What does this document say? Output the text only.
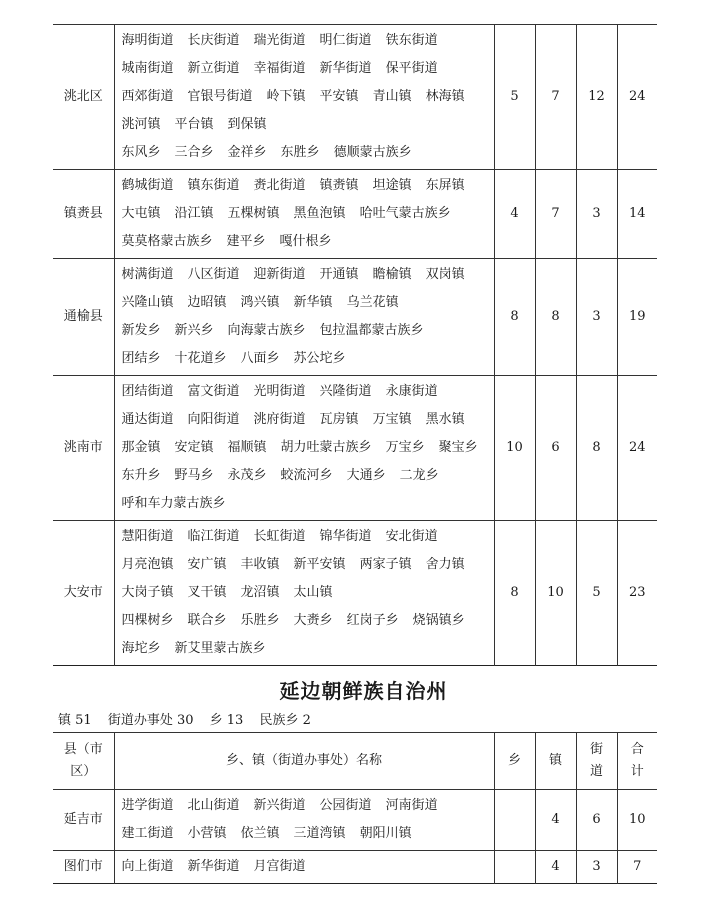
洮北区	海明街道 长庆街道 瑞光街道 明仁街道 铁东街道
城南街道 新立街道 幸福街道 新华街道 保平街道
西郊街道 官银号街道 岭下镇 平安镇 青山镇 林海镇
洮河镇 平台镇 到保镇
东风乡 三合乡 金祥乡 东胜乡 德顺蒙古族乡	5	7	12	24
镇赉县	鹤城街道 镇东街道 赉北街道 镇赉镇 坦途镇 东屏镇
大屯镇 沿江镇 五棵树镇 黑鱼泡镇 哈吐气蒙古族乡
莫莫格蒙古族乡 建平乡 嘎什根乡	4	7	3	14
通榆县	树满街道 八区街道 迎新街道 开通镇 瞻榆镇 双岗镇
兴隆山镇 边昭镇 鸿兴镇 新华镇 乌兰花镇
新发乡 新兴乡 向海蒙古族乡 包拉温都蒙古族乡
团结乡 十花道乡 八面乡 苏公坨乡	8	8	3	19
洮南市	团结街道 富文街道 光明街道 兴隆街道 永康街道
通达街道 向阳街道 洮府街道 瓦房镇 万宝镇 黑水镇
那金镇 安定镇 福顺镇 胡力吐蒙古族乡 万宝乡 聚宝乡
东升乡 野马乡 永茂乡 蛟流河乡 大通乡 二龙乡
呼和车力蒙古族乡	10	6	8	24
大安市	慧阳街道 临江街道 长虹街道 锦华街道 安北街道
月亮泡镇 安广镇 丰收镇 新平安镇 两家子镇 舍力镇
大岗子镇 叉干镇 龙沼镇 太山镇
四棵树乡 联合乡 乐胜乡 大赉乡 红岗子乡 烧锅镇乡
海坨乡 新艾里蒙古族乡	8	10	5	23
延边朝鲜族自治州
镇 51 街道办事处 30 乡 13 民族乡 2
县（市区）	乡、镇（街道办事处）名称	乡	镇	街道	合计
延吉市	进学街道 北山街道 新兴街道 公园街道 河南街道
建工街道 小营镇 依兰镇 三道湾镇 朝阳川镇		4	6	10
图们市	向上街道 新华街道 月宫街道		4	3	7
